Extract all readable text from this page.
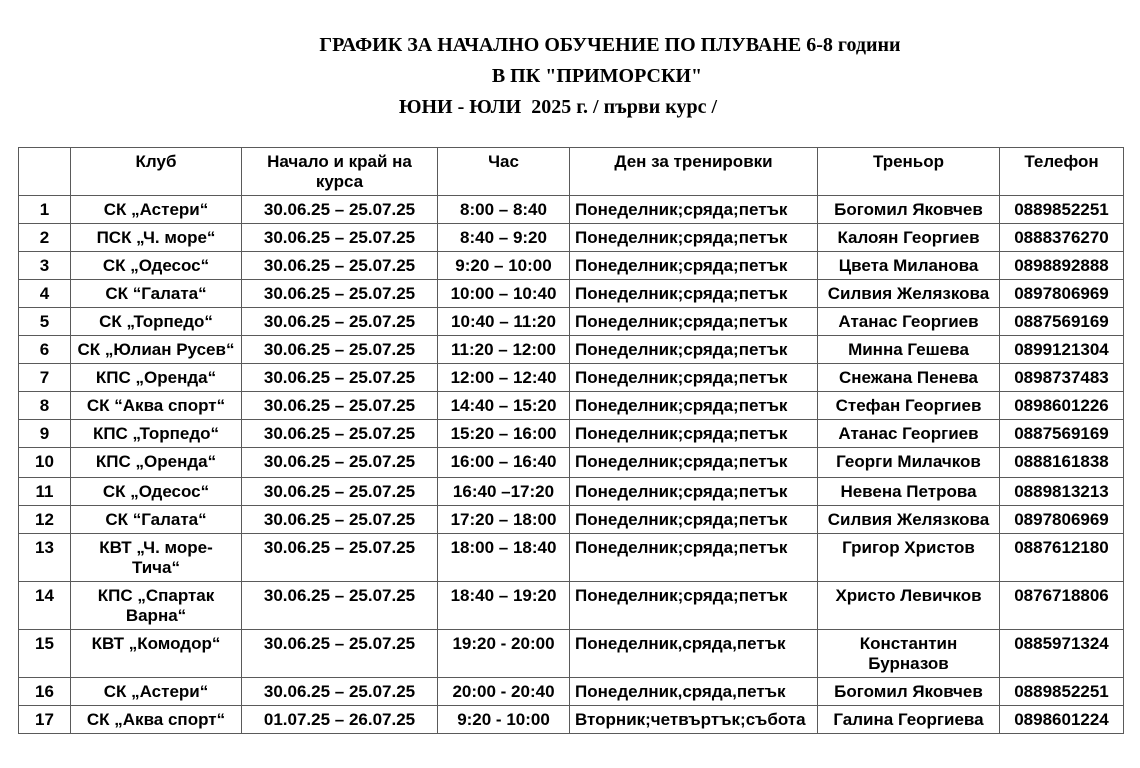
ГРАФИК ЗА НАЧАЛНО ОБУЧЕНИЕ ПО ПЛУВАНЕ 6-8 години
В ПК "ПРИМОРСКИ"
ЮНИ - ЮЛИ  2025 г. / първи курс /
	Клуб	Начало и край на
курса	Час	Ден за тренировки	Треньор	Телефон
1	СК „Астери“	30.06.25 – 25.07.25	8:00 – 8:40	Понеделник;сряда;петък	Богомил Яковчев	0889852251
2	ПСК „Ч. море“	30.06.25 – 25.07.25	8:40 – 9:20	Понеделник;сряда;петък	Калоян Георгиев	0888376270
3	СК „Одесос“	30.06.25 – 25.07.25	9:20 – 10:00	Понеделник;сряда;петък	Цвета Миланова	0898892888
4	СК “Галата“	30.06.25 – 25.07.25	10:00 – 10:40	Понеделник;сряда;петък	Силвия Желязкова	0897806969
5	СК „Торпедо“	30.06.25 – 25.07.25	10:40 – 11:20	Понеделник;сряда;петък	Атанас Георгиев	0887569169
6	СК „Юлиан Русев“	30.06.25 – 25.07.25	11:20 – 12:00	Понеделник;сряда;петък	Минна Гешева	0899121304
7	КПС „Оренда“	30.06.25 – 25.07.25	12:00 – 12:40	Понеделник;сряда;петък	Снежана Пенева	0898737483
8	СК “Аква спорт“	30.06.25 – 25.07.25	14:40 – 15:20	Понеделник;сряда;петък	Стефан Георгиев	0898601226
9	КПС „Торпедо“	30.06.25 – 25.07.25	15:20 – 16:00	Понеделник;сряда;петък	Атанас Георгиев	0887569169
10	КПС „Оренда“	30.06.25 – 25.07.25	16:00 – 16:40	Понеделник;сряда;петък	Георги Милачков	0888161838
11	СК „Одесос“	30.06.25 – 25.07.25	16:40 –17:20	Понеделник;сряда;петък	Невена Петрова	0889813213
12	СК “Галата“	30.06.25 – 25.07.25	17:20 – 18:00	Понеделник;сряда;петък	Силвия Желязкова	0897806969
13	КВТ „Ч. море-
Тича“	30.06.25 – 25.07.25	18:00 – 18:40	Понеделник;сряда;петък	Григор Христов	0887612180
14	КПС „Спартак
Варна“	30.06.25 – 25.07.25	18:40 – 19:20	Понеделник;сряда;петък	Христо Левичков	0876718806
15	КВТ „Комодор“	30.06.25 – 25.07.25	19:20 - 20:00	Понеделник,сряда,петък	Константин
Бурназов	0885971324
16	СК „Астери“	30.06.25 – 25.07.25	20:00 - 20:40	Понеделник,сряда,петък	Богомил Яковчев	0889852251
17	СК „Аква спорт“	01.07.25 – 26.07.25	9:20 - 10:00	Вторник;четвъртък;събота	Галина Георгиева	0898601224
